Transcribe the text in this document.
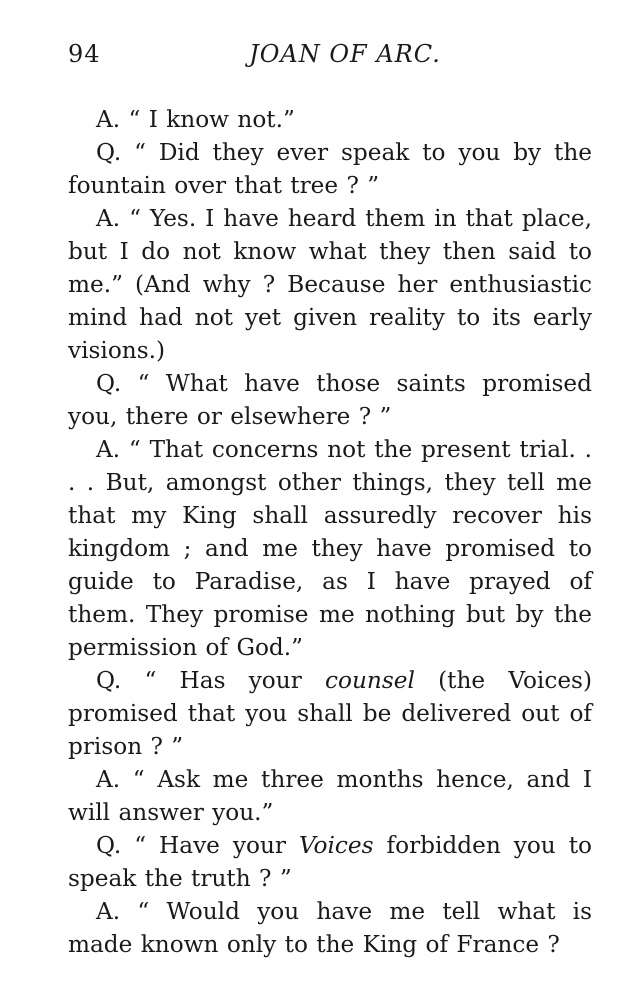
94	JOAN OF ARC.

A. “ I know not.”

Q. “ Did they ever speak to you by the fountain over that tree ? ”

A. “ Yes. I have heard them in that place, but I do not know what they then said to me.” (And why ? Because her enthusiastic mind had not yet given reality to its early visions.)

Q. “ What have those saints promised you, there or elsewhere ? ”

A. “ That concerns not the present trial. . . . But, amongst other things, they tell me that my King shall assuredly recover his kingdom ; and me they have promised to guide to Paradise, as I have prayed of them. They promise me nothing but by the permission of God.”

Q. “ Has your counsel (the Voices) promised that you shall be delivered out of prison ? ”

A. “ Ask me three months hence, and I will answer you.”

Q. “ Have your Voices forbidden you to speak the truth ? ”

A. “ Would you have me tell what is made known only to the King of France ?
